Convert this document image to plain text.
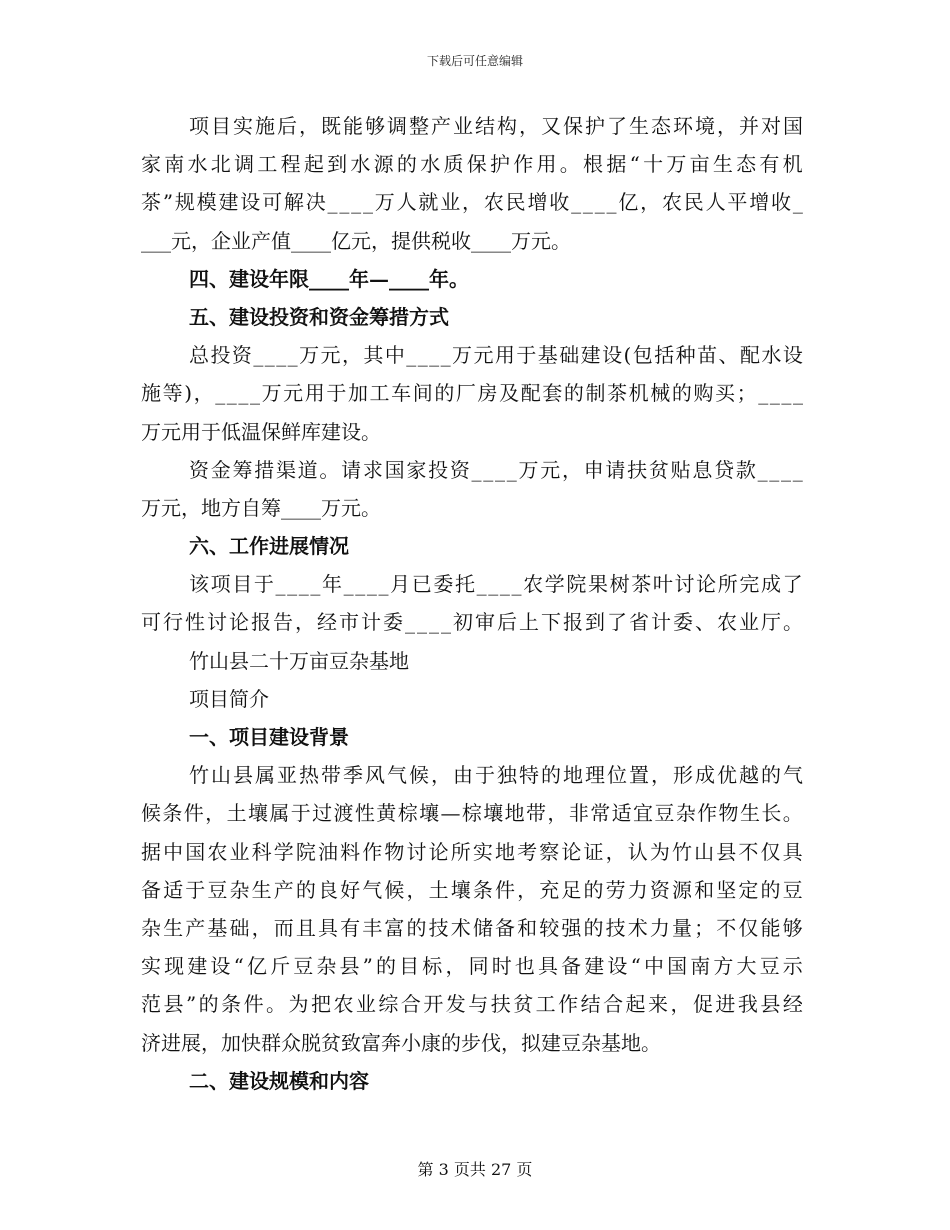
下载后可任意编辑
项 目 实 施 后 ， 既 能 够 调 整 产 业 结 构 ， 又 保 护 了 生 态 环 境 ， 并 对 国
家 南 水 北 调 工 程 起 到 水 源 的 水 质 保 护 作 用 。 根 据 “ 十 万 亩 生 态 有 机
茶 ” 规 模 建 设 可 解 决 _ _ _ _ 万 人 就 业 ， 农 民 增 收 _ _ _ _ 亿 ， 农 民 人 平 增 收 _
___元，企业产值____亿元，提供税收____万元。
四、建设年限____年—____年。
五、建设投资和资金筹措方式
总 投 资 _ _ _ _ 万 元 ， 其 中 _ _ _ _ 万 元 用 于 基 础 建 设 ( 包 括 种 苗 、 配 水 设
施 等 ) ， _ _ _ _ 万 元 用 于 加 工 车 间 的 厂 房 及 配 套 的 制 茶 机 械 的 购 买 ； _ _ _ _
万元用于低温保鲜库建设。
资 金 筹 措 渠 道 。 请 求 国 家 投 资 _ _ _ _ 万 元 ， 申 请 扶 贫 贴 息 贷 款 _ _ _ _
万元，地方自筹____万元。
六、工作进展情况
该 项 目 于 _ _ _ _ 年 _ _ _ _ 月 已 委 托 _ _ _ _ 农 学 院 果 树 茶 叶 讨 论 所 完 成 了
可 行 性 讨 论 报 告 ， 经 市 计 委 _ _ _ _ 初 审 后 上 下 报 到 了 省 计 委 、 农 业 厅 。
竹山县二十万亩豆杂基地
项目简介
一、项目建设背景
竹 山 县 属 亚 热 带 季 风 气 候 ， 由 于 独 特 的 地 理 位 置 ， 形 成 优 越 的 气
候 条 件 ， 土 壤 属 于 过 渡 性 黄 棕 壤 — 棕 壤 地 带 ， 非 常 适 宜 豆 杂 作 物 生 长 。
据 中 国 农 业 科 学 院 油 料 作 物 讨 论 所 实 地 考 察 论 证 ， 认 为 竹 山 县 不 仅 具
备 适 于 豆 杂 生 产 的 良 好 气 候 ， 土 壤 条 件 ， 充 足 的 劳 力 资 源 和 坚 定 的 豆
杂 生 产 基 础 ， 而 且 具 有 丰 富 的 技 术 储 备 和 较 强 的 技 术 力 量 ； 不 仅 能 够
实 现 建 设 “ 亿 斤 豆 杂 县 ” 的 目 标 ， 同 时 也 具 备 建 设 “ 中 国 南 方 大 豆 示
范 县 ” 的 条 件 。 为 把 农 业 综 合 开 发 与 扶 贫 工 作 结 合 起 来 ， 促 进 我 县 经
济进展，加快群众脱贫致富奔小康的步伐，拟建豆杂基地。
二、建设规模和内容
第 3 页共 27 页
